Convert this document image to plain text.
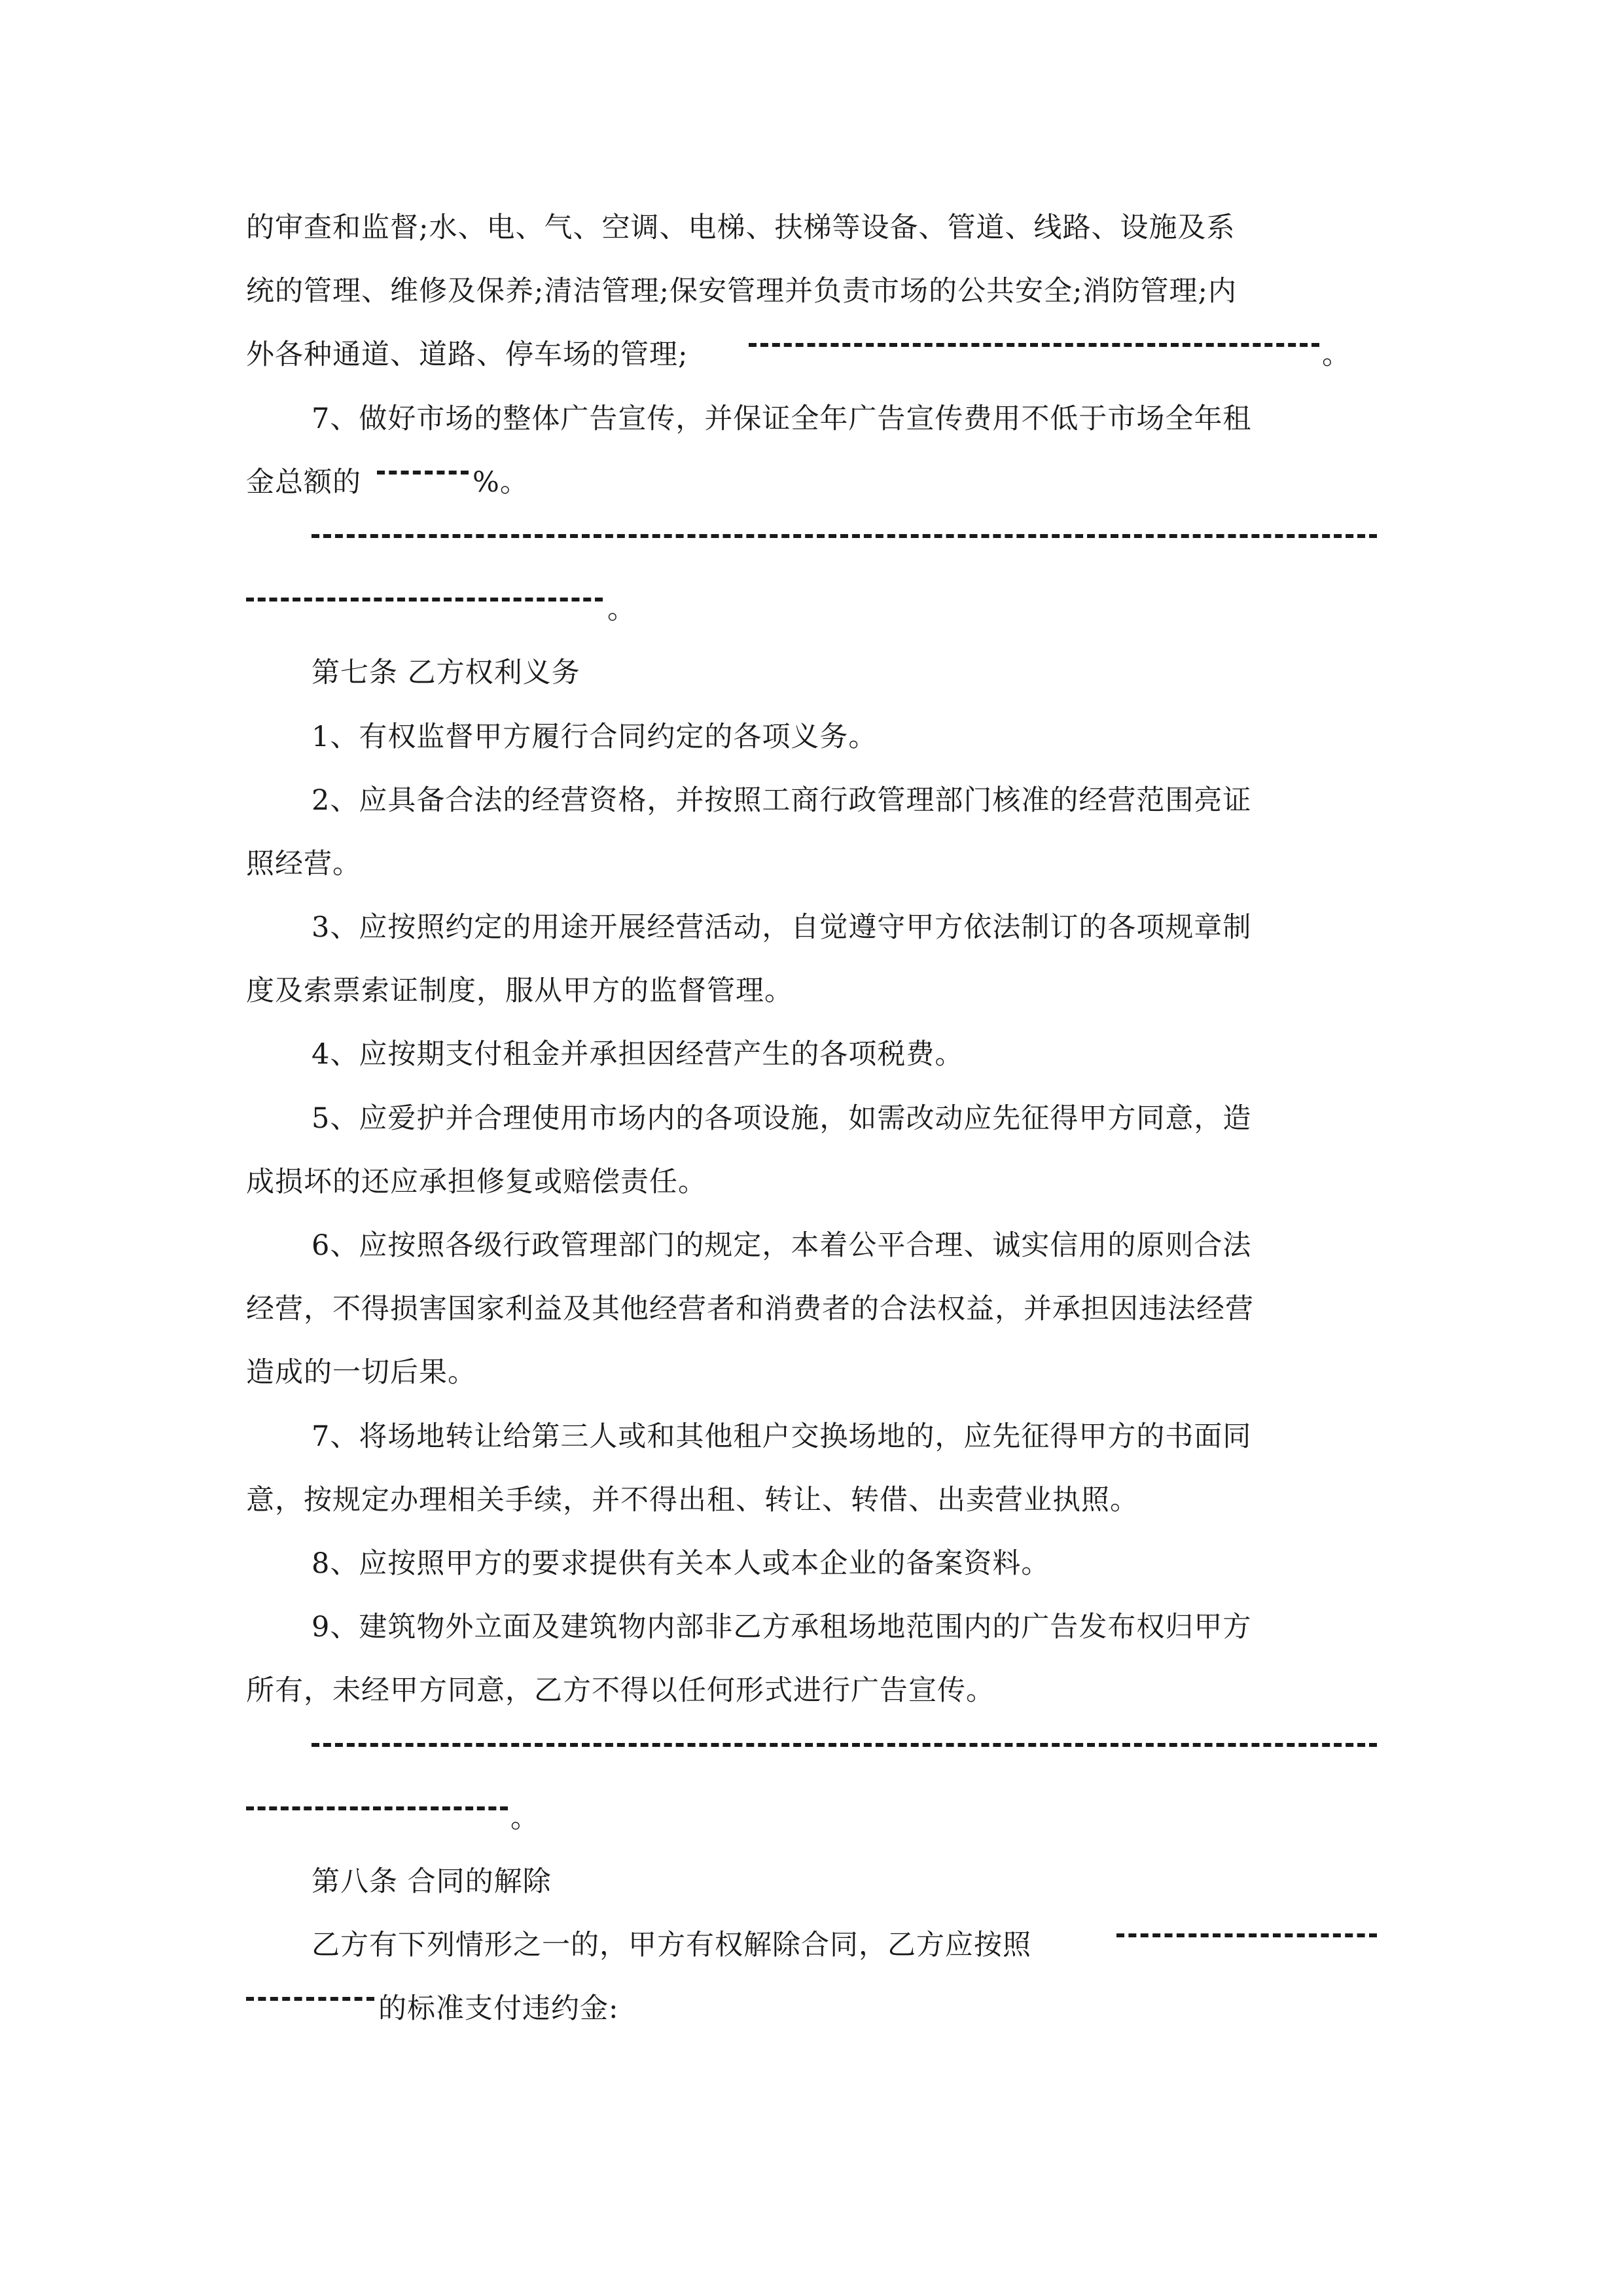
的审查和监督;水、电、气、空调、电梯、扶梯等设备、管道、线路、设施及系
统的管理、维修及保养;清洁管理;保安管理并负责市场的公共安全;消防管理;内
外各种通道、道路、停车场的管理;	。
7、做好市场的整体广告宣传，并保证全年广告宣传费用不低于市场全年租
金总额的	%。
。
第七条 乙方权利义务
1、有权监督甲方履行合同约定的各项义务。
2、应具备合法的经营资格，并按照工商行政管理部门核准的经营范围亮证
照经营。
3、应按照约定的用途开展经营活动，自觉遵守甲方依法制订的各项规章制
度及索票索证制度，服从甲方的监督管理。
4、应按期支付租金并承担因经营产生的各项税费。
5、应爱护并合理使用市场内的各项设施，如需改动应先征得甲方同意，造
成损坏的还应承担修复或赔偿责任。
6、应按照各级行政管理部门的规定，本着公平合理、诚实信用的原则合法
经营，不得损害国家利益及其他经营者和消费者的合法权益，并承担因违法经营
造成的一切后果。
7、将场地转让给第三人或和其他租户交换场地的，应先征得甲方的书面同
意，按规定办理相关手续，并不得出租、转让、转借、出卖营业执照。
8、应按照甲方的要求提供有关本人或本企业的备案资料。
9、建筑物外立面及建筑物内部非乙方承租场地范围内的广告发布权归甲方
所有，未经甲方同意，乙方不得以任何形式进行广告宣传。
。
第八条 合同的解除
乙方有下列情形之一的，甲方有权解除合同，乙方应按照
的标准支付违约金:
